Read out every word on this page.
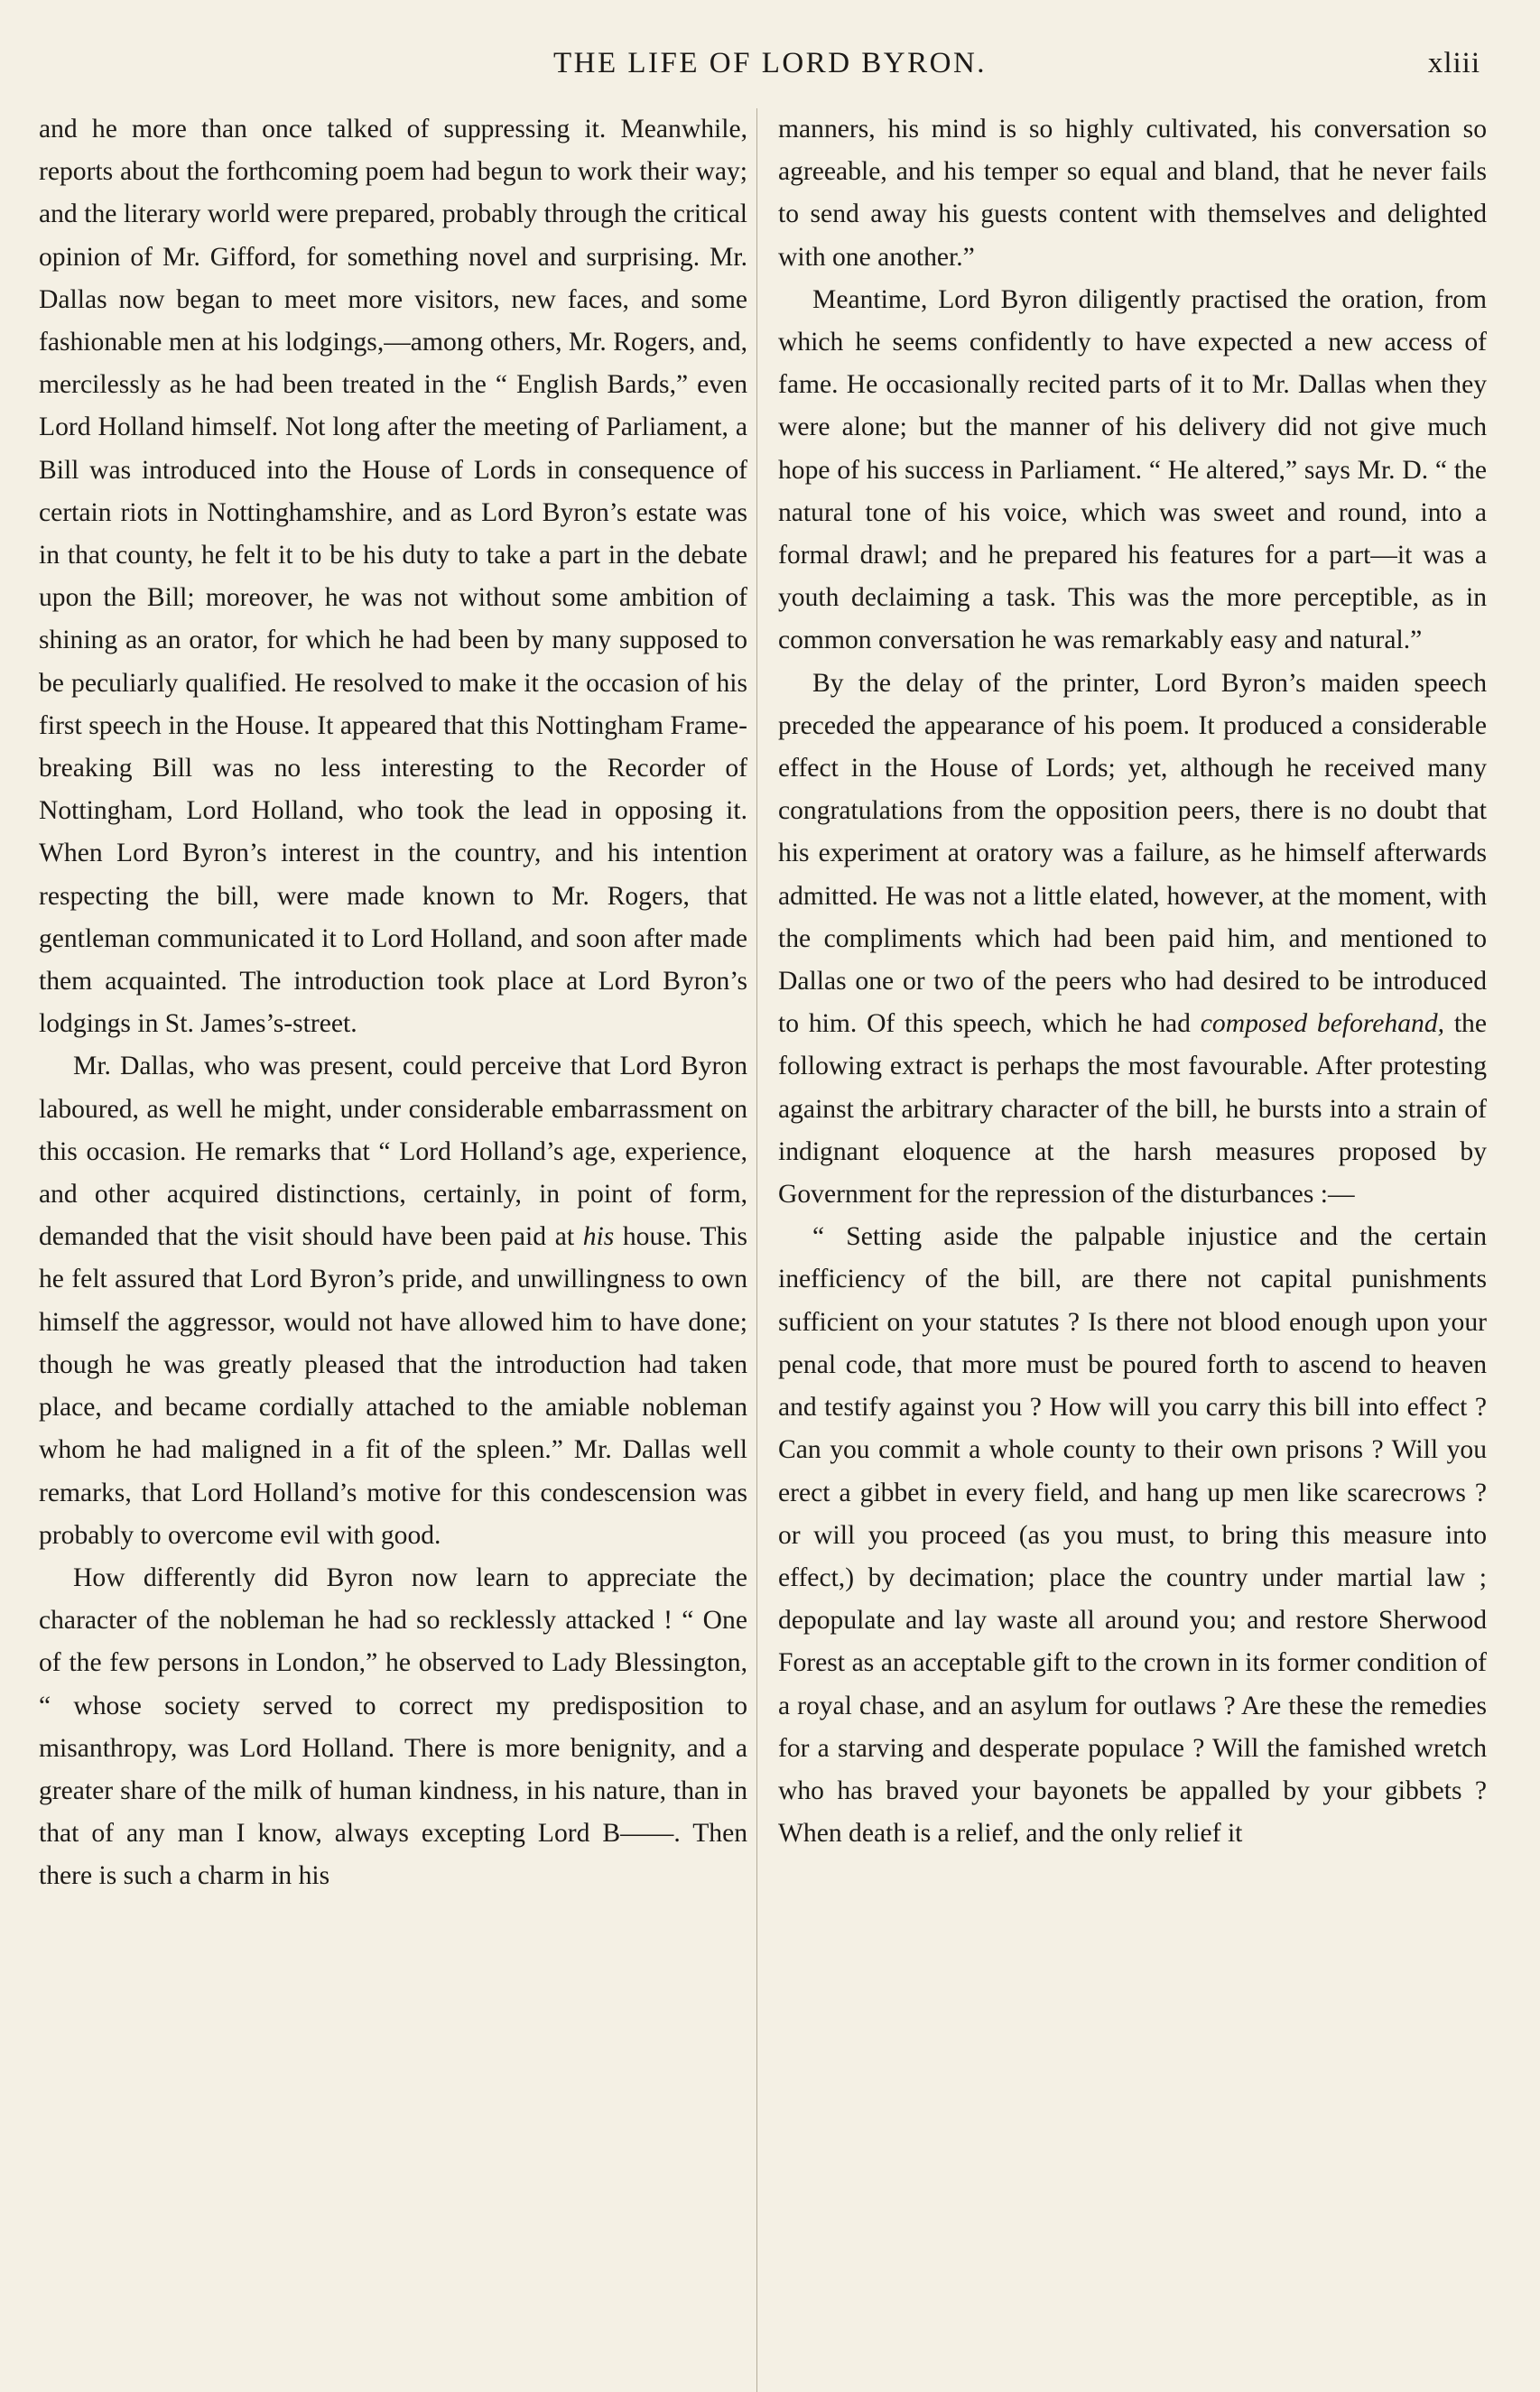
THE LIFE OF LORD BYRON.	xliii

and he more than once talked of suppressing it. Meanwhile, reports about the forthcoming poem had begun to work their way; and the literary world were prepared, probably through the critical opinion of Mr. Gifford, for something novel and surprising. Mr. Dallas now began to meet more visitors, new faces, and some fashionable men at his lodgings,—among others, Mr. Rogers, and, mercilessly as he had been treated in the “ English Bards,” even Lord Holland himself. Not long after the meeting of Parliament, a Bill was introduced into the House of Lords in consequence of certain riots in Nottinghamshire, and as Lord Byron’s estate was in that county, he felt it to be his duty to take a part in the debate upon the Bill; moreover, he was not without some ambition of shining as an orator, for which he had been by many supposed to be peculiarly qualified. He resolved to make it the occasion of his first speech in the House. It appeared that this Nottingham Frame-breaking Bill was no less interesting to the Recorder of Nottingham, Lord Holland, who took the lead in opposing it. When Lord Byron’s interest in the country, and his intention respecting the bill, were made known to Mr. Rogers, that gentleman communicated it to Lord Holland, and soon after made them acquainted. The introduction took place at Lord Byron’s lodgings in St. James’s-street.

Mr. Dallas, who was present, could perceive that Lord Byron laboured, as well he might, under considerable embarrassment on this occasion. He remarks that “ Lord Holland’s age, experience, and other acquired distinctions, certainly, in point of form, demanded that the visit should have been paid at his house. This he felt assured that Lord Byron’s pride, and unwillingness to own himself the aggressor, would not have allowed him to have done; though he was greatly pleased that the introduction had taken place, and became cordially attached to the amiable nobleman whom he had maligned in a fit of the spleen.” Mr. Dallas well remarks, that Lord Holland’s motive for this condescension was probably to overcome evil with good.

How differently did Byron now learn to appreciate the character of the nobleman he had so recklessly attacked ! “ One of the few persons in London,” he observed to Lady Blessington, “ whose society served to correct my predisposition to misanthropy, was Lord Holland. There is more benignity, and a greater share of the milk of human kindness, in his nature, than in that of any man I know, always excepting Lord B——. Then there is such a charm in his

manners, his mind is so highly cultivated, his conversation so agreeable, and his temper so equal and bland, that he never fails to send away his guests content with themselves and delighted with one another.”

Meantime, Lord Byron diligently practised the oration, from which he seems confidently to have expected a new access of fame. He occasionally recited parts of it to Mr. Dallas when they were alone; but the manner of his delivery did not give much hope of his success in Parliament. “ He altered,” says Mr. D. “ the natural tone of his voice, which was sweet and round, into a formal drawl; and he prepared his features for a part—it was a youth declaiming a task. This was the more perceptible, as in common conversation he was remarkably easy and natural.”

By the delay of the printer, Lord Byron’s maiden speech preceded the appearance of his poem. It produced a considerable effect in the House of Lords; yet, although he received many congratulations from the opposition peers, there is no doubt that his experiment at oratory was a failure, as he himself afterwards admitted. He was not a little elated, however, at the moment, with the compliments which had been paid him, and mentioned to Dallas one or two of the peers who had desired to be introduced to him. Of this speech, which he had composed beforehand, the following extract is perhaps the most favourable. After protesting against the arbitrary character of the bill, he bursts into a strain of indignant eloquence at the harsh measures proposed by Government for the repression of the disturbances :—

“ Setting aside the palpable injustice and the certain inefficiency of the bill, are there not capital punishments sufficient on your statutes ? Is there not blood enough upon your penal code, that more must be poured forth to ascend to heaven and testify against you ? How will you carry this bill into effect ? Can you commit a whole county to their own prisons ? Will you erect a gibbet in every field, and hang up men like scarecrows ? or will you proceed (as you must, to bring this measure into effect,) by decimation; place the country under martial law ; depopulate and lay waste all around you; and restore Sherwood Forest as an acceptable gift to the crown in its former condition of a royal chase, and an asylum for outlaws ? Are these the remedies for a starving and desperate populace ? Will the famished wretch who has braved your bayonets be appalled by your gibbets ? When death is a relief, and the only relief it
